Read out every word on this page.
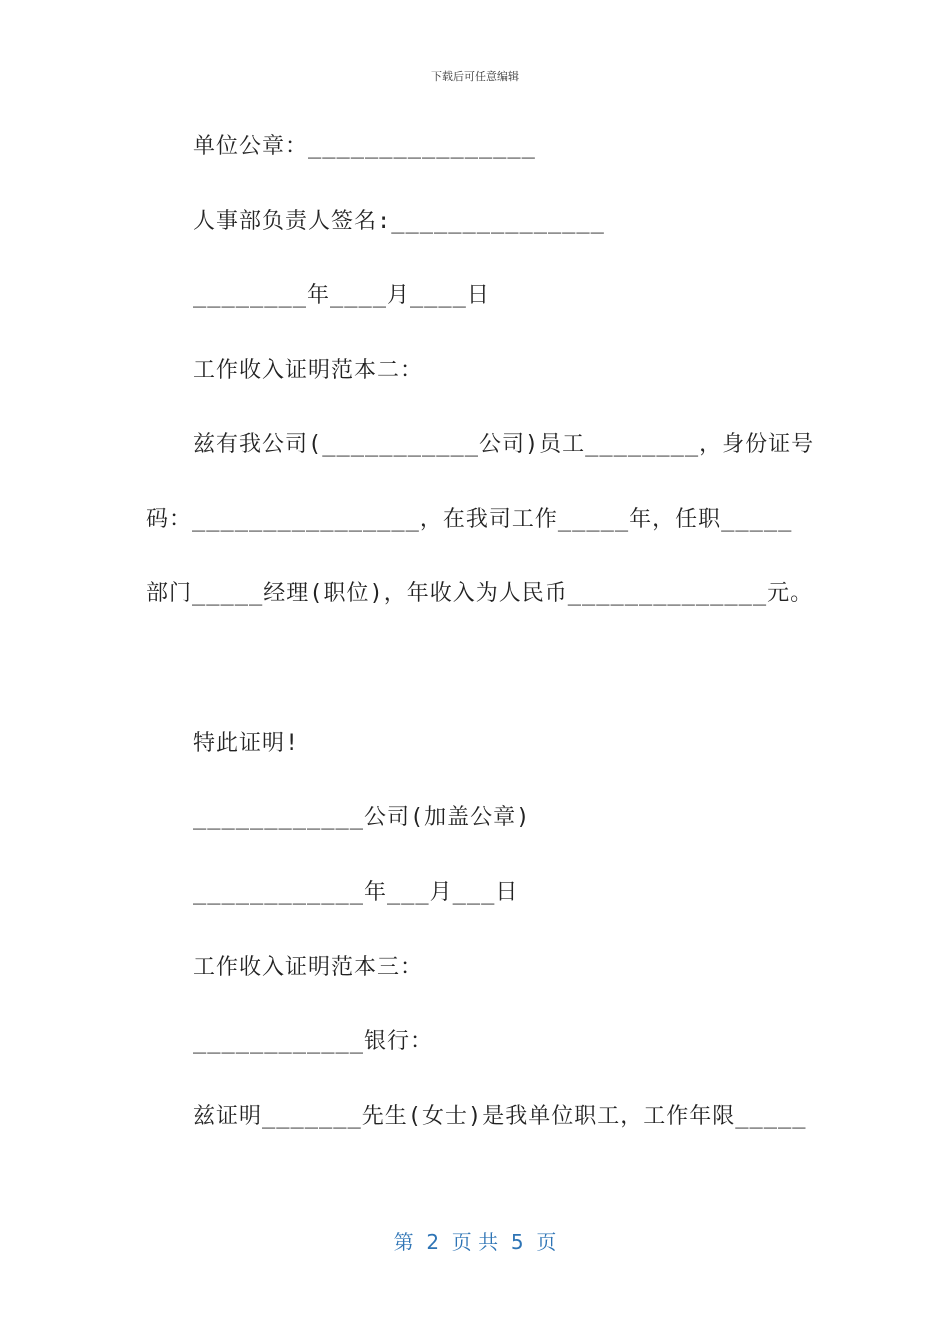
下载后可任意编辑
单位公章：________________
人事部负责人签名:_______________
________年____月____日
工作收入证明范本二：
兹有我公司(___________公司)员工________，身份证号
码：________________，在我司工作_____年，任职_____
部门_____经理(职位)，年收入为人民币______________元。
特此证明!
____________公司(加盖公章)
____________年___月___日
工作收入证明范本三：
____________银行：
兹证明_______先生(女士)是我单位职工，工作年限_____
第  2  页 共  5  页
